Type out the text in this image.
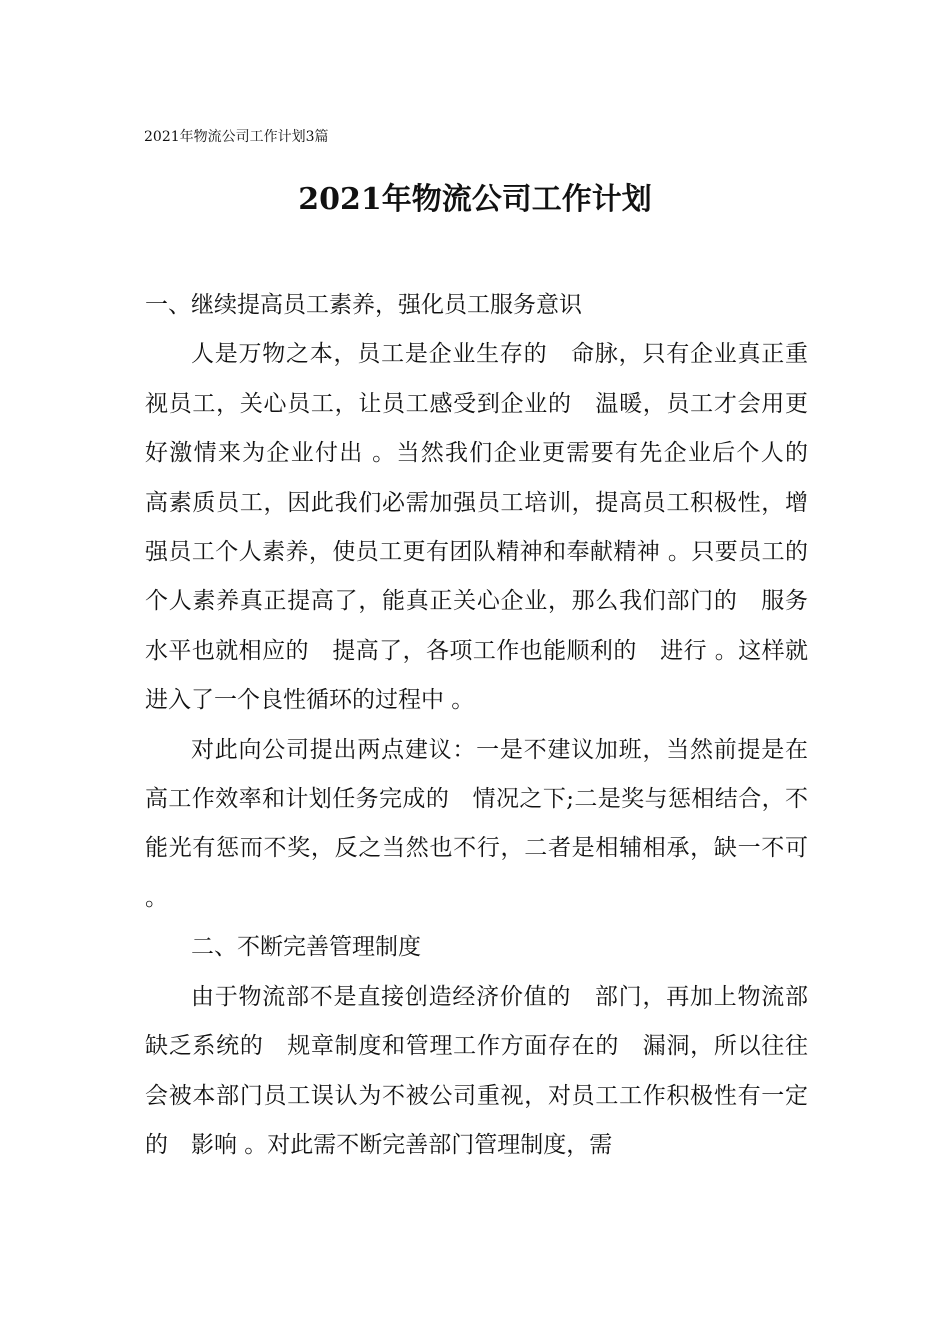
2021年物流公司工作计划3篇
2021年物流公司工作计划

一、继续提高员工素养，强化员工服务意识

人是万物之本，员工是企业生存的　命脉，只有企业真正重视员工，关心员工，让员工感受到企业的　温暖，员工才会用更好激情来为企业付出 。当然我们企业更需要有先企业后个人的　高素质员工，因此我们必需加强员工培训，提高员工积极性，增强员工个人素养，使员工更有团队精神和奉献精神 。只要员工的　个人素养真正提高了，能真正关心企业，那么我们部门的　服务水平也就相应的　提高了，各项工作也能顺利的　进行 。这样就进入了一个良性循环的过程中 。

对此向公司提出两点建议：一是不建议加班，当然前提是在高工作效率和计划任务完成的　情况之下;二是奖与惩相结合，不能光有惩而不奖，反之当然也不行，二者是相辅相承，缺一不可 。

二、不断完善管理制度

由于物流部不是直接创造经济价值的　部门，再加上物流部缺乏系统的　规章制度和管理工作方面存在的　漏洞，所以往往会被本部门员工误认为不被公司重视，对员工工作积极性有一定的　影响 。对此需不断完善部门管理制度，需
